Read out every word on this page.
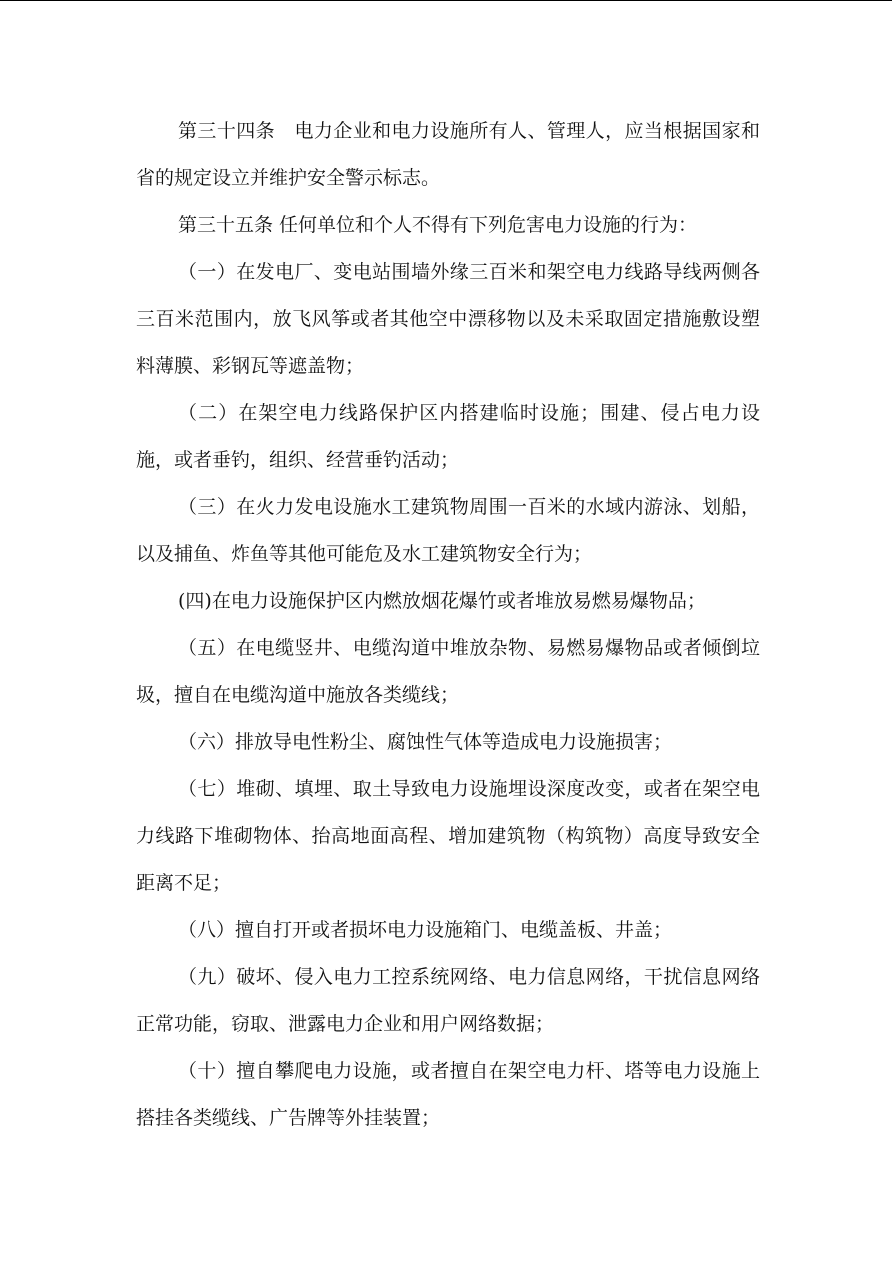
第三十四条　电力企业和电力设施所有人、管理人，应当根据国家和省的规定设立并维护安全警示标志。

第三十五条 任何单位和个人不得有下列危害电力设施的行为：

（一）在发电厂、变电站围墙外缘三百米和架空电力线路导线两侧各三百米范围内，放飞风筝或者其他空中漂移物以及未采取固定措施敷设塑料薄膜、彩钢瓦等遮盖物；

（二）在架空电力线路保护区内搭建临时设施；围建、侵占电力设施，或者垂钓，组织、经营垂钓活动；

（三）在火力发电设施水工建筑物周围一百米的水域内游泳、划船，以及捕鱼、炸鱼等其他可能危及水工建筑物安全行为；

(四)在电力设施保护区内燃放烟花爆竹或者堆放易燃易爆物品；

（五）在电缆竖井、电缆沟道中堆放杂物、易燃易爆物品或者倾倒垃圾，擅自在电缆沟道中施放各类缆线；

（六）排放导电性粉尘、腐蚀性气体等造成电力设施损害；

（七）堆砌、填埋、取土导致电力设施埋设深度改变，或者在架空电力线路下堆砌物体、抬高地面高程、增加建筑物（构筑物）高度导致安全距离不足；

（八）擅自打开或者损坏电力设施箱门、电缆盖板、井盖；

（九）破坏、侵入电力工控系统网络、电力信息网络，干扰信息网络正常功能，窃取、泄露电力企业和用户网络数据；

（十）擅自攀爬电力设施，或者擅自在架空电力杆、塔等电力设施上搭挂各类缆线、广告牌等外挂装置；
